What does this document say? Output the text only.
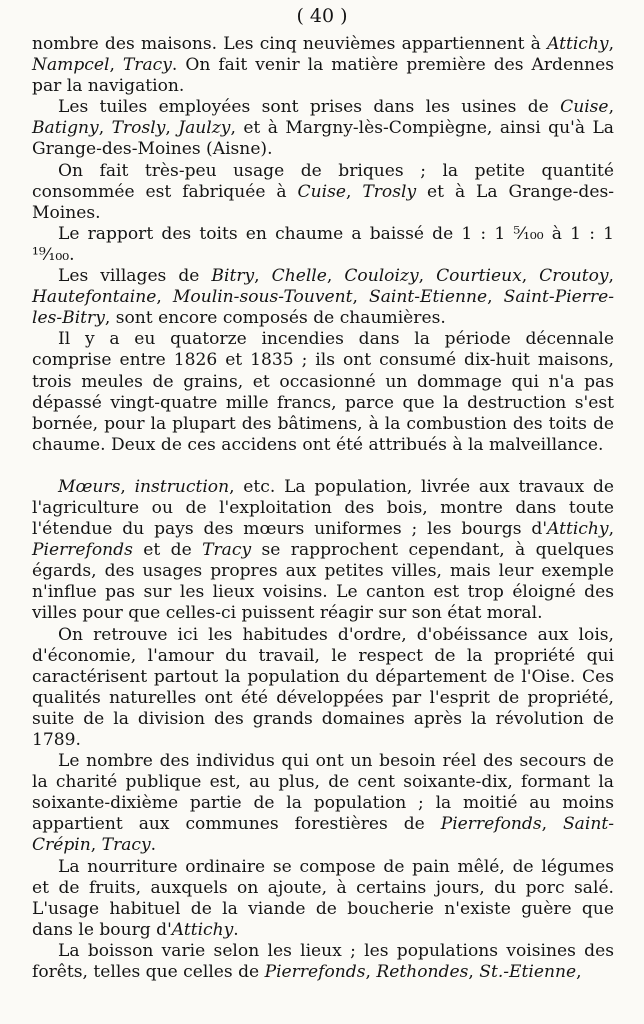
( 40 )

nombre des maisons. Les cinq neuvièmes appartiennent à Attichy, Nampcel, Tracy. On fait venir la matière première des Ardennes par la navigation.

Les tuiles employées sont prises dans les usines de Cuise, Batigny, Trosly, Jaulzy, et à Margny-lès-Compiègne, ainsi qu'à La Grange-des-Moines (Aisne).

On fait très-peu usage de briques ; la petite quantité consommée est fabriquée à Cuise, Trosly et à La Grange-des-Moines.

Le rapport des toits en chaume a baissé de 1 : 1 ⁵⁄₁₀₀ à 1 : 1 ¹⁹⁄₁₀₀.

Les villages de Bitry, Chelle, Couloizy, Courtieux, Croutoy, Hautefontaine, Moulin-sous-Touvent, Saint-Etienne, Saint-Pierre-les-Bitry, sont encore composés de chaumières.

Il y a eu quatorze incendies dans la période décennale comprise entre 1826 et 1835 ; ils ont consumé dix-huit maisons, trois meules de grains, et occasionné un dommage qui n'a pas dépassé vingt-quatre mille francs, parce que la destruction s'est bornée, pour la plupart des bâtimens, à la combustion des toits de chaume. Deux de ces accidens ont été attribués à la malveillance.

Mœurs, instruction, etc. La population, livrée aux travaux de l'agriculture ou de l'exploitation des bois, montre dans toute l'étendue du pays des mœurs uniformes ; les bourgs d'Attichy, Pierrefonds et de Tracy se rapprochent cependant, à quelques égards, des usages propres aux petites villes, mais leur exemple n'influe pas sur les lieux voisins. Le canton est trop éloigné des villes pour que celles-ci puissent réagir sur son état moral.

On retrouve ici les habitudes d'ordre, d'obéissance aux lois, d'économie, l'amour du travail, le respect de la propriété qui caractérisent partout la population du département de l'Oise. Ces qualités naturelles ont été développées par l'esprit de propriété, suite de la division des grands domaines après la révolution de 1789.

Le nombre des individus qui ont un besoin réel des secours de la charité publique est, au plus, de cent soixante-dix, formant la soixante-dixième partie de la population ; la moitié au moins appartient aux communes forestières de Pierrefonds, Saint-Crépin, Tracy.

La nourriture ordinaire se compose de pain mêlé, de légumes et de fruits, auxquels on ajoute, à certains jours, du porc salé. L'usage habituel de la viande de boucherie n'existe guère que dans le bourg d'Attichy.

La boisson varie selon les lieux ; les populations voisines des forêts, telles que celles de Pierrefonds, Rethondes, St.-Etienne,
